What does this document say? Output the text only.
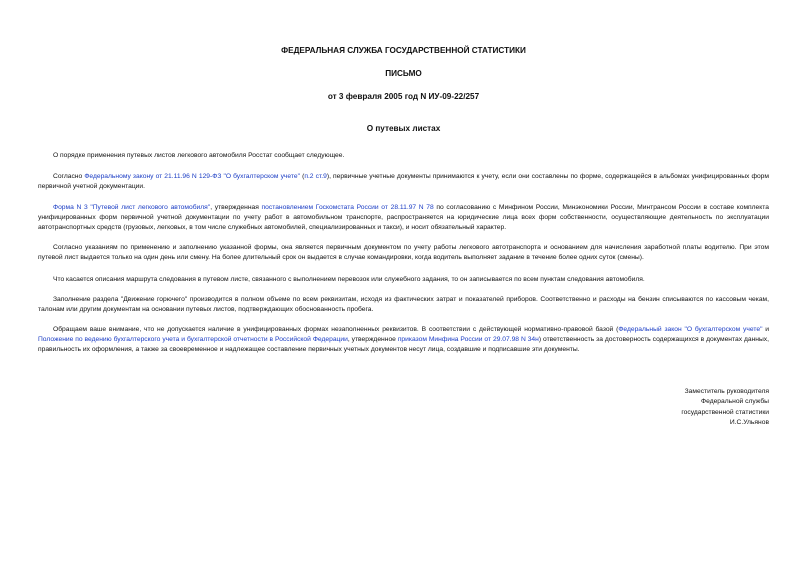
ФЕДЕРАЛЬНАЯ СЛУЖБА ГОСУДАРСТВЕННОЙ СТАТИСТИКИ
ПИСЬМО
от 3 февраля 2005 год N ИУ-09-22/257
О путевых листах
О порядке применения путевых листов легкового автомобиля Росстат сообщает следующее.
Согласно Федеральному закону от 21.11.96 N 129-ФЗ "О бухгалтерском учете" (п.2 ст.9), первичные учетные документы принимаются к учету, если они составлены по форме, содержащейся в альбомах унифицированных форм первичной учетной документации.
Форма N 3 "Путевой лист легкового автомобиля", утвержденная постановлением Госкомстата России от 28.11.97 N 78 по согласованию с Минфином России, Минэкономики России, Минтрансом России в составе комплекта унифицированных форм первичной учетной документации по учету работ в автомобильном транспорте, распространяется на юридические лица всех форм собственности, осуществляющие деятельность по эксплуатации автотранспортных средств (грузовых, легковых, в том числе служебных автомобилей, специализированных и такси), и носит обязательный характер.
Согласно указаниям по применению и заполнению указанной формы, она является первичным документом по учету работы легкового автотранспорта и основанием для начисления заработной платы водителю. При этом путевой лист выдается только на один день или смену. На более длительный срок он выдается в случае командировки, когда водитель выполняет задание в течение более одних суток (смены).
Что касается описания маршрута следования в путевом листе, связанного с выполнением перевозок или служебного задания, то он записывается по всем пунктам следования автомобиля.
Заполнение раздела "Движение горючего" производится в полном объеме по всем реквизитам, исходя из фактических затрат и показателей приборов. Соответственно и расходы на бензин списываются по кассовым чекам, талонам или другим документам на основании путевых листов, подтверждающих обоснованность пробега.
Обращаем ваше внимание, что не допускается наличие в унифицированных формах незаполненных реквизитов. В соответствии с действующей нормативно-правовой базой (Федеральный закон "О бухгалтерском учете" и Положение по ведению бухгалтерского учета и бухгалтерской отчетности в Российской Федерации, утвержденное приказом Минфина России от 29.07.98 N 34н) ответственность за достоверность содержащихся в документах данных, правильность их оформления, а также за своевременное и надлежащее составление первичных учетных документов несут лица, создавшие и подписавшие эти документы.
Заместитель руководителя
Федеральной службы
государственной статистики
И.С.Ульянов
